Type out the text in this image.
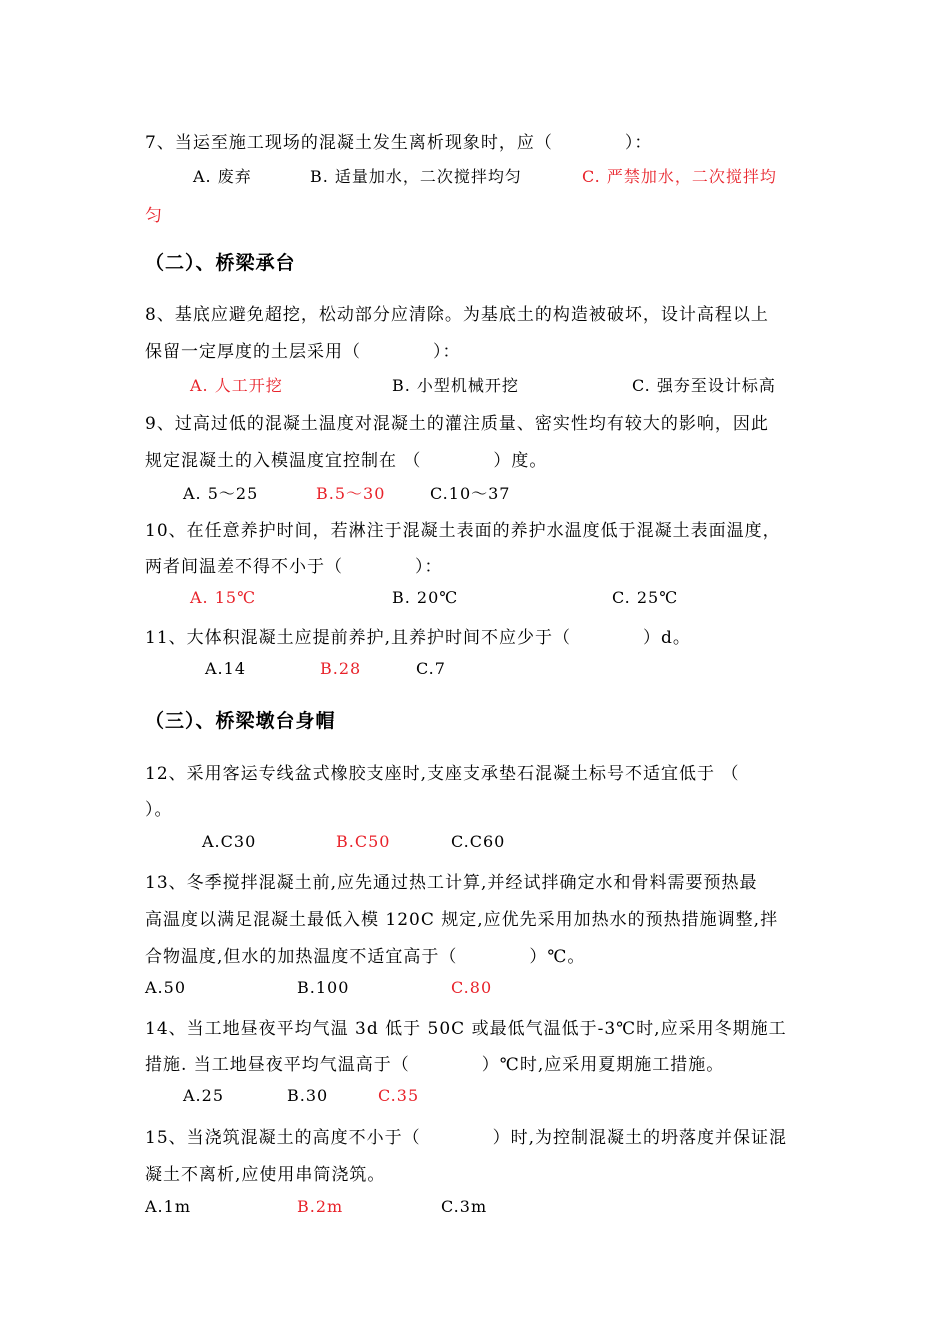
7、当运至施工现场的混凝土发生离析现象时，应（　　　　）：
A. 废弃	B. 适量加水，二次搅拌均匀	C. 严禁加水，二次搅拌均
匀
（二）、桥梁承台
8、基底应避免超挖，松动部分应清除。为基底土的构造被破坏，设计高程以上
保留一定厚度的土层采用（　　　　）：
A. 人工开挖	B. 小型机械开挖	C. 强夯至设计标高
9、过高过低的混凝土温度对混凝土的灌注质量、密实性均有较大的影响，因此
规定混凝土的入模温度宜控制在 （　　　　）度。
A. 5～25	B.5～30	C.10～37
10、在任意养护时间，若淋注于混凝土表面的养护水温度低于混凝土表面温度，
两者间温差不得不小于（　　　　）：
A. 15℃	B. 20℃	C. 25℃
11、大体积混凝土应提前养护,且养护时间不应少于（　　　　）d。
A.14	B.28	C.7
（三）、桥梁墩台身帽
12、采用客运专线盆式橡胶支座时,支座支承垫石混凝土标号不适宜低于 （
）。
A.C30	B.C50	C.C60
13、冬季搅拌混凝土前,应先通过热工计算,并经试拌确定水和骨料需要预热最
高温度以满足混凝土最低入模 120C 规定,应优先采用加热水的预热措施调整,拌
合物温度,但水的加热温度不适宜高于（　　　　）℃。
A.50	B.100	C.80
14、当工地昼夜平均气温 3d 低于 50C 或最低气温低于-3℃时,应采用冬期施工
措施. 当工地昼夜平均气温高于（　　　　）℃时,应采用夏期施工措施。
A.25	B.30	C.35
15、当浇筑混凝土的高度不小于（　　　　）时,为控制混凝土的坍落度并保证混
凝土不离析,应使用串筒浇筑。
A.1m	B.2m	C.3m
